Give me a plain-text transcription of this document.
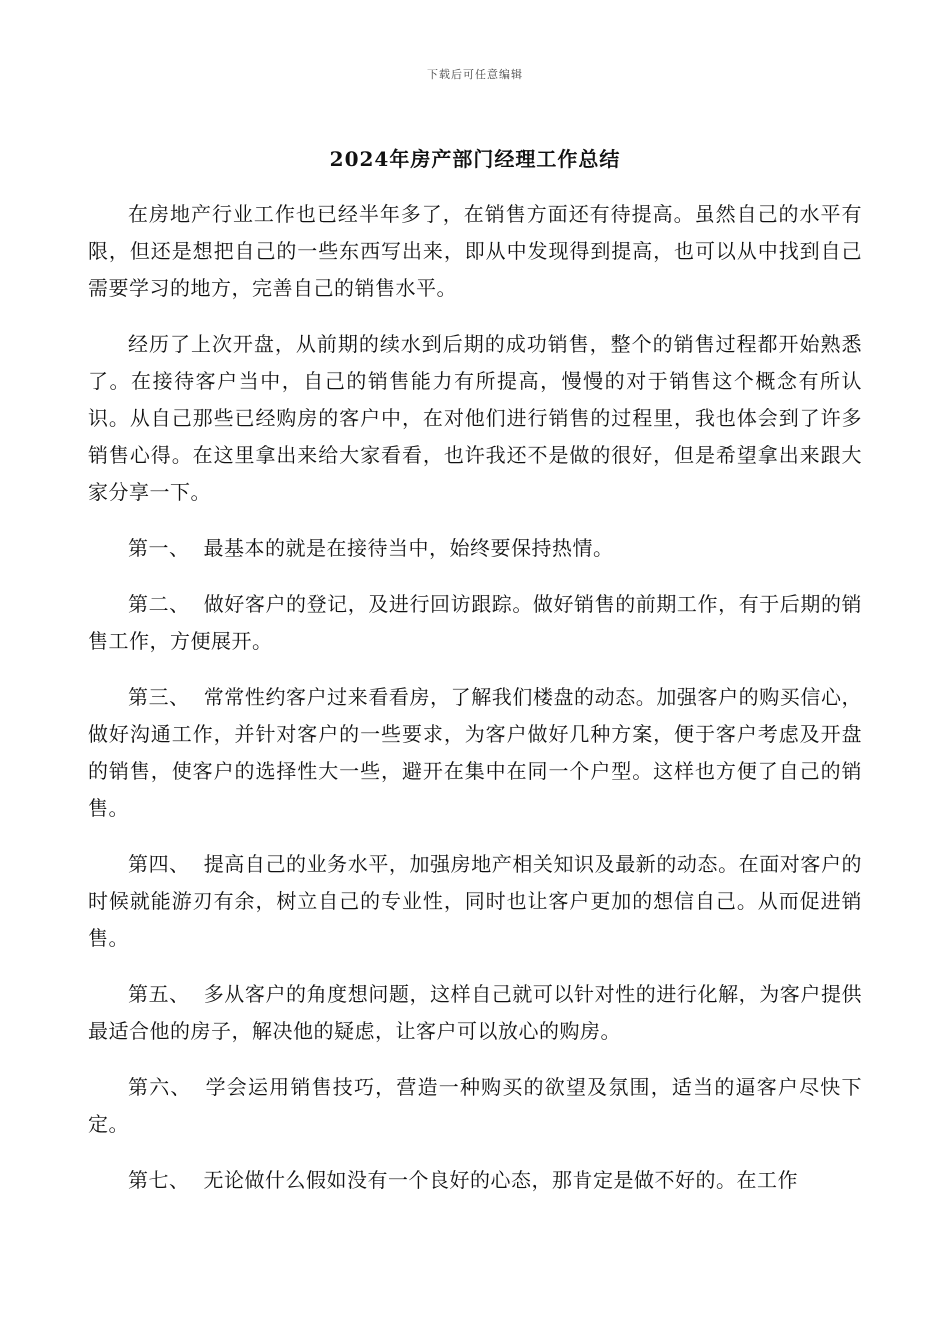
下载后可任意编辑
2024年房产部门经理工作总结

在房地产行业工作也已经半年多了，在销售方面还有待提高。虽然自己的水平有限，但还是想把自己的一些东西写出来，即从中发现得到提高，也可以从中找到自己需要学习的地方，完善自己的销售水平。

经历了上次开盘，从前期的续水到后期的成功销售，整个的销售过程都开始熟悉了。在接待客户当中，自己的销售能力有所提高，慢慢的对于销售这个概念有所认识。从自己那些已经购房的客户中，在对他们进行销售的过程里，我也体会到了许多销售心得。在这里拿出来给大家看看，也许我还不是做的很好，但是希望拿出来跟大家分享一下。

第一、 最基本的就是在接待当中，始终要保持热情。

第二、 做好客户的登记，及进行回访跟踪。做好销售的前期工作，有于后期的销售工作，方便展开。

第三、 常常性约客户过来看看房，了解我们楼盘的动态。加强客户的购买信心，做好沟通工作，并针对客户的一些要求，为客户做好几种方案，便于客户考虑及开盘的销售，使客户的选择性大一些，避开在集中在同一个户型。这样也方便了自己的销售。

第四、 提高自己的业务水平，加强房地产相关知识及最新的动态。在面对客户的时候就能游刃有余，树立自己的专业性，同时也让客户更加的想信自己。从而促进销售。

第五、 多从客户的角度想问题，这样自己就可以针对性的进行化解，为客户提供最适合他的房子，解决他的疑虑，让客户可以放心的购房。

第六、 学会运用销售技巧，营造一种购买的欲望及氛围，适当的逼客户尽快下定。

第七、 无论做什么假如没有一个良好的心态，那肯定是做不好的。在工作
